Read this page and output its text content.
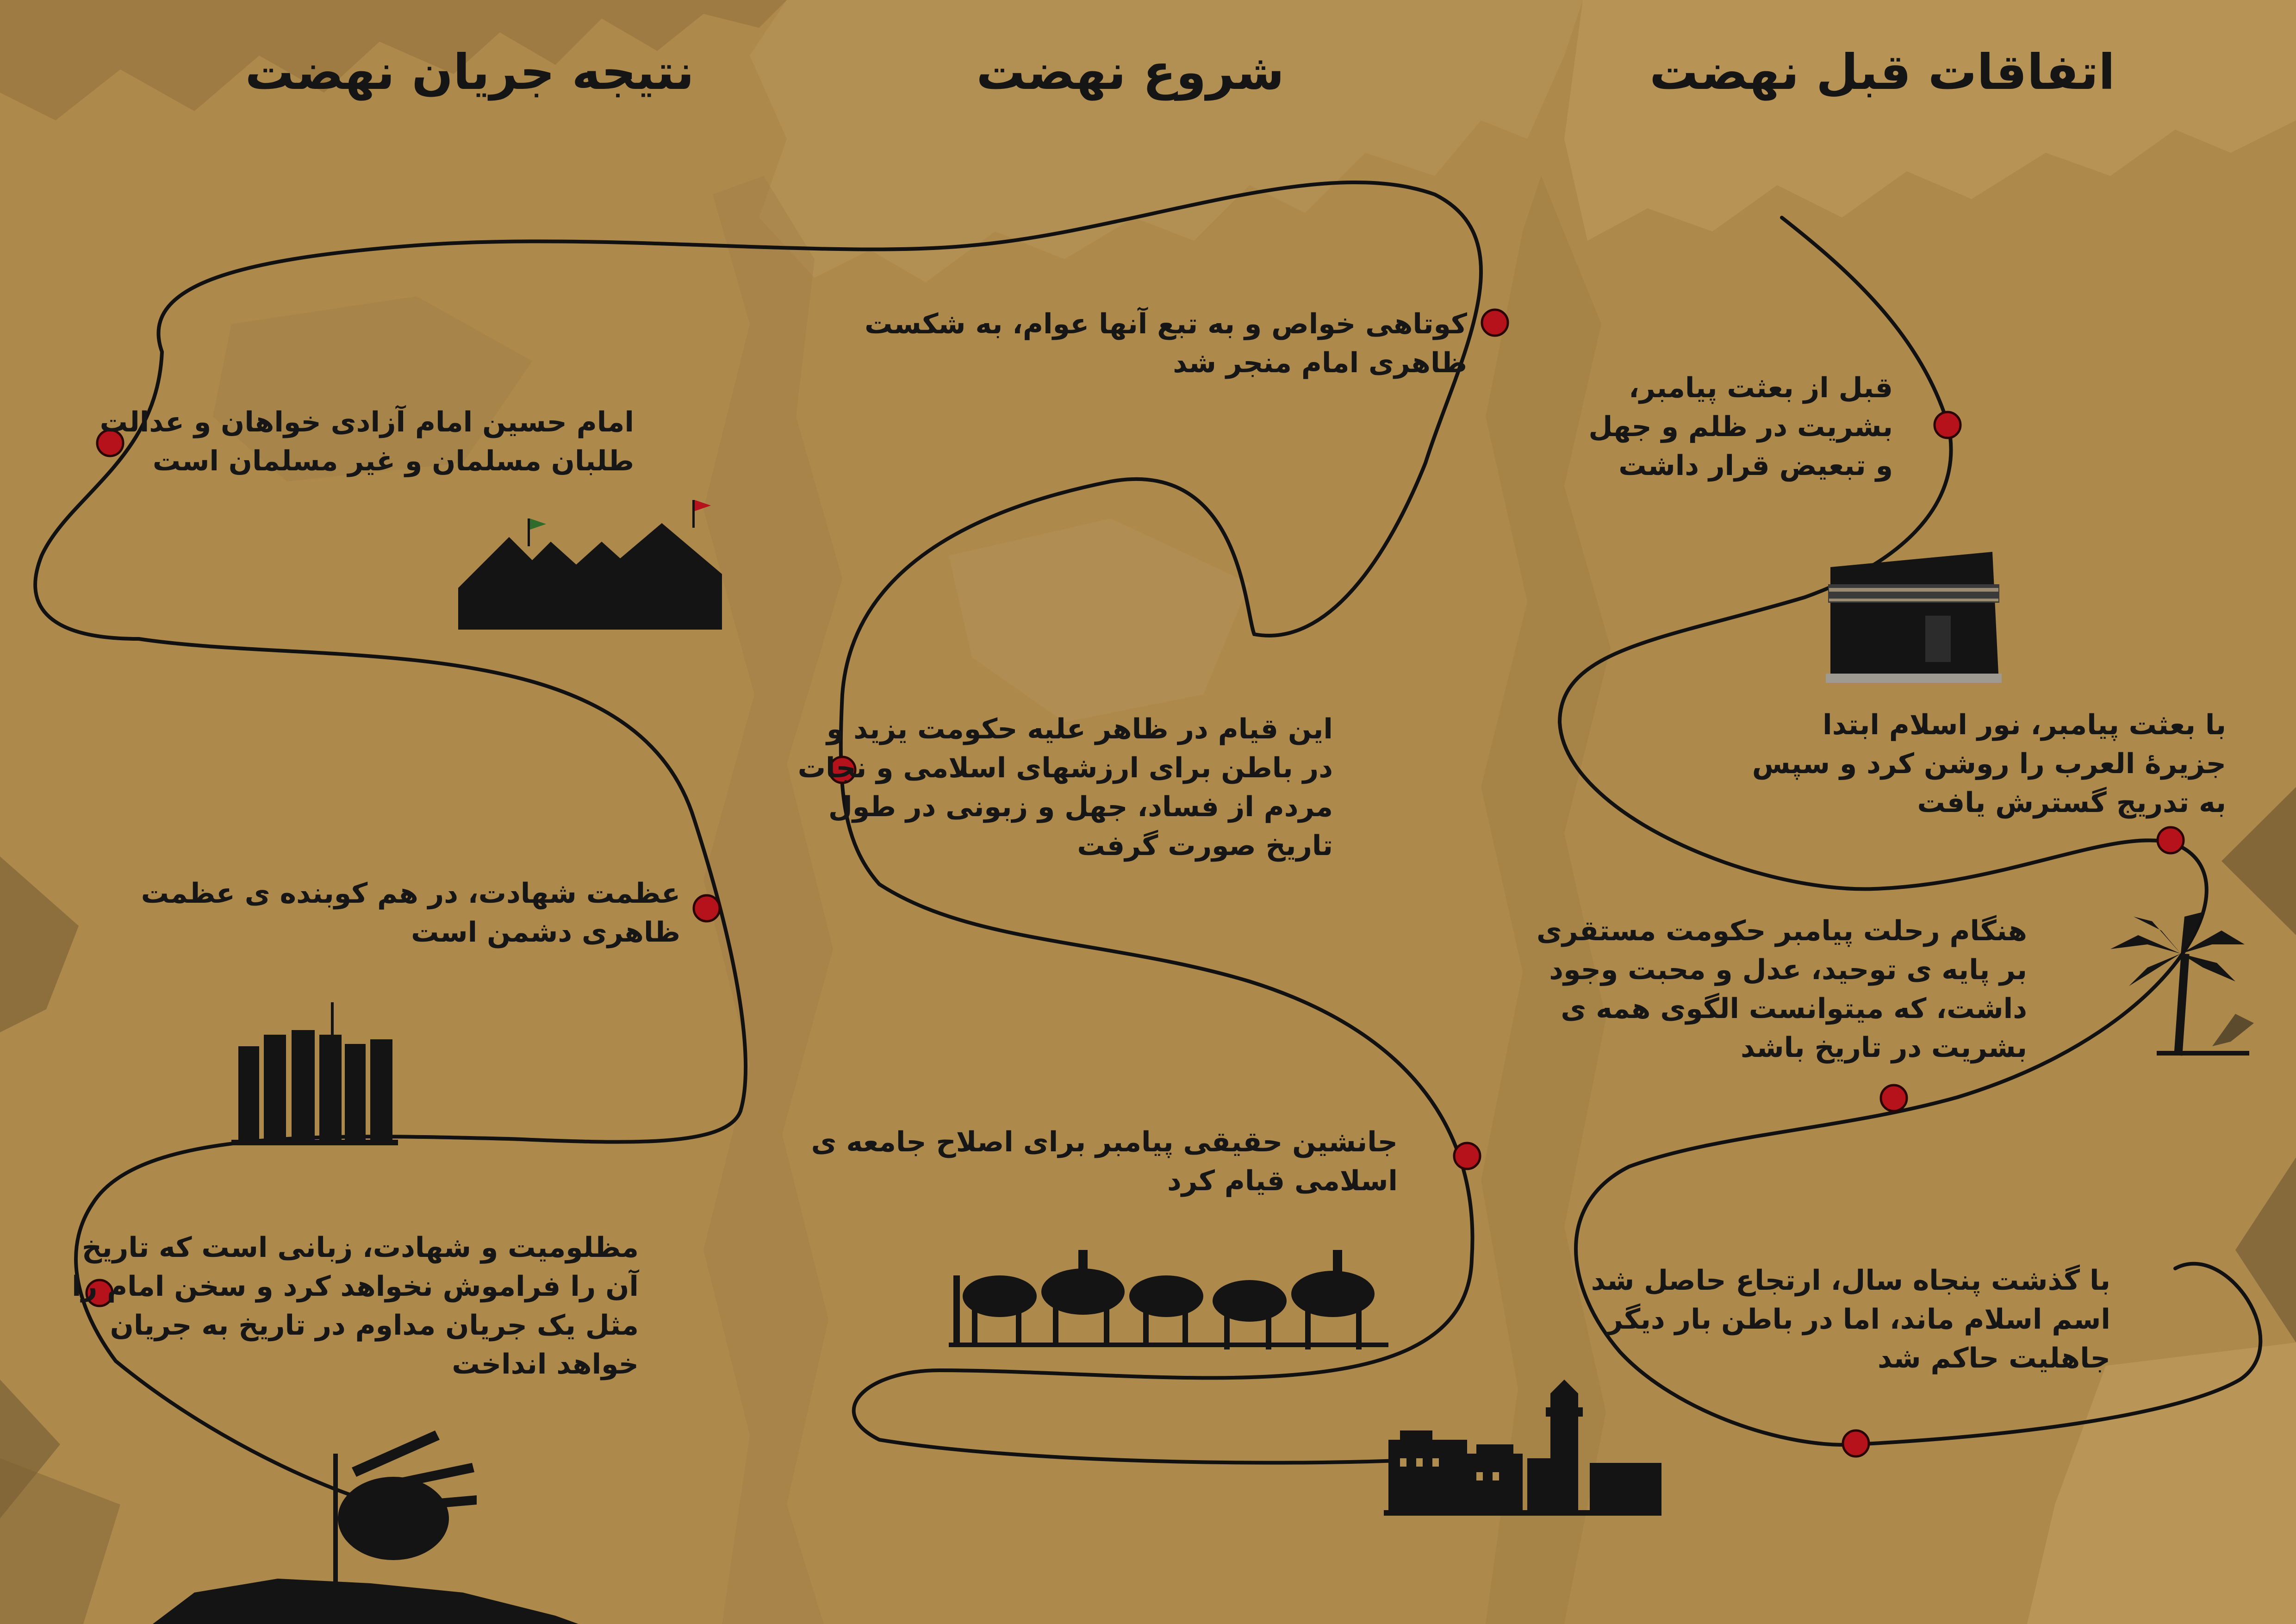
اتفاقات قبل نهضت
شروع نهضت
نتیجه جریان نهضت
قبل از بعثت پیامبر،
بشریت در ظلم و جهل
و تبعیض قرار داشت
با بعثت پیامبر، نور اسلام ابتدا
جزیرهٔ العرب را روشن کرد و سپس
به تدریج گسترش یافت
هنگام رحلت پیامبر حکومت مستقری
بر پایه ی توحید، عدل و محبت وجود
داشت، که میتوانست الگوی همه ی
بشریت در تاریخ باشد
با گذشت پنجاه سال، ارتجاع حاصل شد
اسم اسلام ماند، اما در باطن بار دیگر
جاهلیت حاکم شد
کوتاهی خواص و به تبع آنها عوام، به شکست
ظاهری امام منجر شد
این قیام در ظاهر علیه حکومت یزید و
در باطن برای ارزشهای اسلامی و نجات
مردم از فساد، جهل و زبونی در طول
تاریخ صورت گرفت
جانشین حقیقی پیامبر برای اصلاح جامعه ی
اسلامی قیام کرد
امام حسین امام آزادی خواهان و عدالت
طلبان مسلمان و غیر مسلمان است
عظمت شهادت، در هم کوبنده ی عظمت
ظاهری دشمن است
مظلومیت و شهادت، زبانی است که تاریخ
آن را فراموش نخواهد کرد و سخن امام را
مثل یک جریان مداوم در تاریخ به جریان
خواهد انداخت
